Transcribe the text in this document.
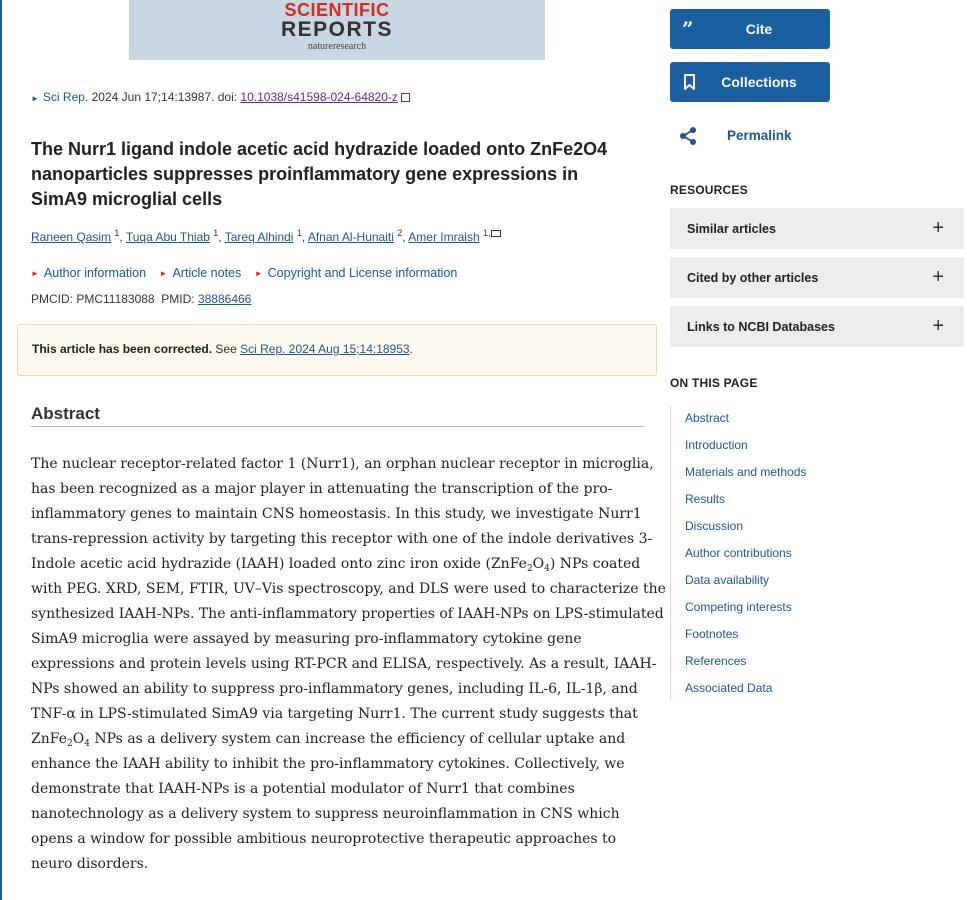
SCIENTIFIC
REPORTS
natureresearch
► Sci Rep. 2024 Jun 17;14:13987. doi: 10.1038/s41598-024-64820-z
The Nurr1 ligand indole acetic acid hydrazide loaded onto ZnFe2O4 nanoparticles suppresses proinflammatory gene expressions in SimA9 microglial cells
Raneen Qasim $^1$, Tuqa Abu Thiab $^1$, Tareq Alhindi $^1$, Afnan Al-Hunaiti $^2$, Amer Imraish $^{1,}$
► Author information ► Article notes ► Copyright and License information
PMCID: PMC11183088 PMID: 38886466
This article has been corrected. See Sci Rep. 2024 Aug 15;14:18953.
Abstract
The nuclear receptor-related factor 1 (Nurr1), an orphan nuclear receptor in microglia,
has been recognized as a major player in attenuating the transcription of the pro-
inflammatory genes to maintain CNS homeostasis. In this study, we investigate Nurr1
trans-repression activity by targeting this receptor with one of the indole derivatives 3-
Indole acetic acid hydrazide (IAAH) loaded onto zinc iron oxide $(ZnFe_2O_4)$ NPs coated
with PEG. XRD, SEM, FTIR, UV–Vis spectroscopy, and DLS were used to characterize the
synthesized IAAH-NPs. The anti-inflammatory properties of IAAH-NPs on LPS-stimulated
SimA9 microglia were assayed by measuring pro-inflammatory cytokine gene
expressions and protein levels using RT-PCR and ELISA, respectively. As a result, IAAH-
NPs showed an ability to suppress pro-inflammatory genes, including IL-6, IL-1β, and
TNF-α in LPS-stimulated SimA9 via targeting Nurr1. The current study suggests that
$ZnFe_2O_4$ NPs as a delivery system can increase the efficiency of cellular uptake and
enhance the IAAH ability to inhibit the pro-inflammatory cytokines. Collectively, we
demonstrate that IAAH-NPs is a potential modulator of Nurr1 that combines
nanotechnology as a delivery system to suppress neuroinflammation in CNS which
opens a window for possible ambitious neuroprotective therapeutic approaches to
neuro disorders.
”	Cite
Collections
Permalink
RESOURCES
Similar articles	+
Cited by other articles	+
Links to NCBI Databases	+
ON THIS PAGE
Abstract
Introduction
Materials and methods
Results
Discussion
Author contributions
Data availability
Competing interests
Footnotes
References
Associated Data
